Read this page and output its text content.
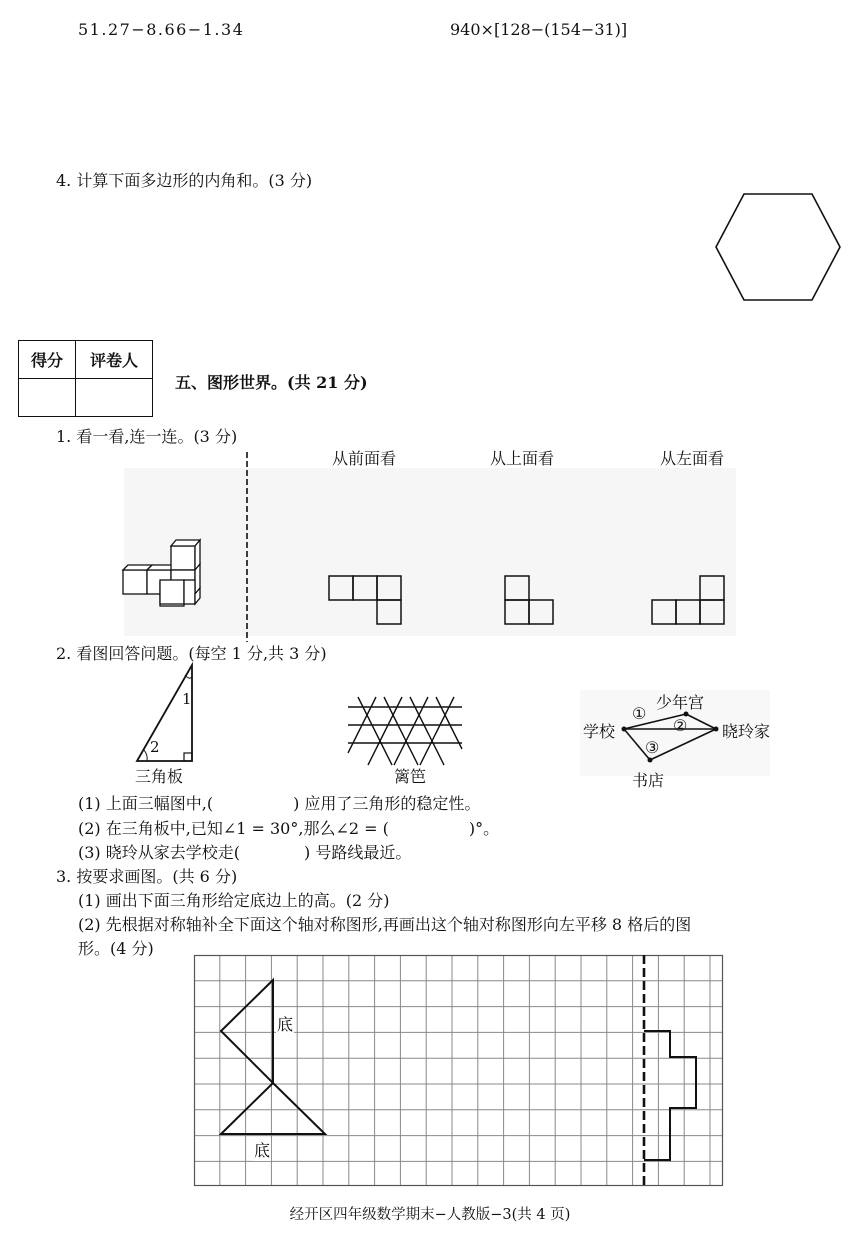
51.27−8.66−1.34	940×[128−(154−31)]
4. 计算下面多边形的内角和。(3 分)
得分	评卷人

五、图形世界。(共 21 分)
1. 看一看,连一连。(3 分)
从前面看	从上面看	从左面看
2. 看图回答问题。(每空 1 分,共 3 分)
1
2
三角板	篱笆
少年宫
学校	晓玲家
书店
①
②
③
(1) 上面三幅图中,(　　　　　) 应用了三角形的稳定性。
(2) 在三角板中,已知∠1 = 30°,那么∠2 = (　　　　　)°。
(3) 晓玲从家去学校走(　　　　) 号路线最近。
3. 按要求画图。(共 6 分)
(1) 画出下面三角形给定底边上的高。(2 分)
(2) 先根据对称轴补全下面这个轴对称图形,再画出这个轴对称图形向左平移 8 格后的图
形。(4 分)
底
底
经开区四年级数学期末−人教版−3(共 4 页)
